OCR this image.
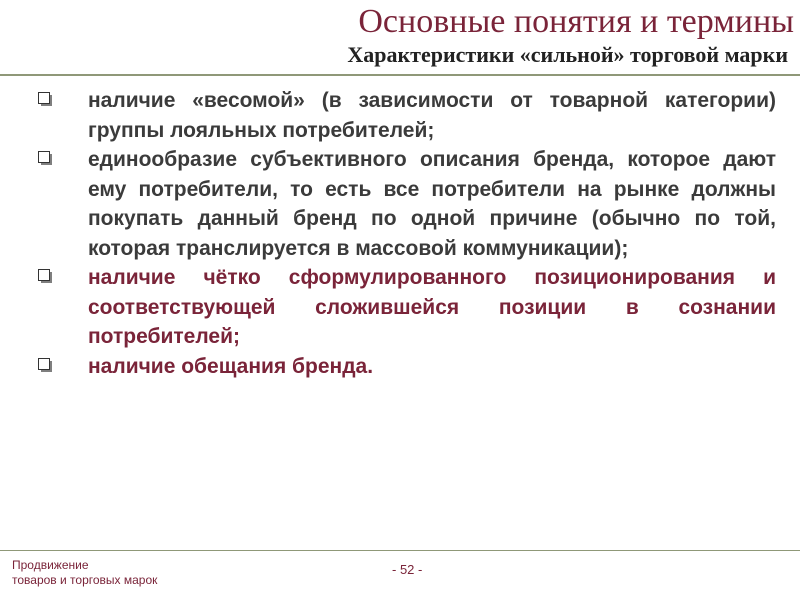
Основные понятия и термины
Характеристики «сильной» торговой марки
наличие «весомой» (в зависимости от товарной категории) группы лояльных потребителей;
единообразие субъективного описания бренда, которое дают ему потребители, то есть все потребители на рынке должны покупать данный бренд по одной причине (обычно по той, которая транслируется в массовой коммуникации);
наличие чётко сформулированного позиционирования и соответствующей сложившейся позиции в сознании потребителей;
наличие обещания бренда.
Продвижение
товаров и торговых марок
- 52 -
